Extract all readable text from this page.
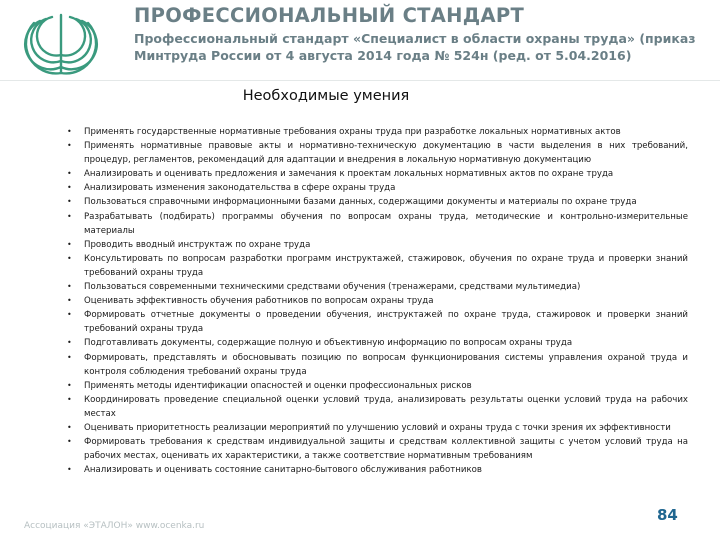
ПРОФЕССИОНАЛЬНЫЙ СТАНДАРТ
Профессиональный стандарт «Специалист в области охраны труда» (приказ Минтруда России от 4 августа 2014 года № 524н (ред. от 5.04.2016)
Необходимые умения
• Применять государственные нормативные требования охраны труда при разработке локальных нормативных актов
• Применять нормативные правовые акты и нормативно-техническую документацию в части выделения в них требований, процедур, регламентов, рекомендаций для адаптации и внедрения в локальную нормативную документацию
• Анализировать и оценивать предложения и замечания к проектам локальных нормативных актов по охране труда
• Анализировать изменения законодательства в сфере охраны труда
• Пользоваться справочными информационными базами данных, содержащими документы и материалы по охране труда
• Разрабатывать (подбирать) программы обучения по вопросам охраны труда, методические и контрольно-измерительные материалы
• Проводить вводный инструктаж по охране труда
• Консультировать по вопросам разработки программ инструктажей, стажировок, обучения по охране труда и проверки знаний требований охраны труда
• Пользоваться современными техническими средствами обучения (тренажерами, средствами мультимедиа)
• Оценивать эффективность обучения работников по вопросам охраны труда
• Формировать отчетные документы о проведении обучения, инструктажей по охране труда, стажировок и проверки знаний требований охраны труда
• Подготавливать документы, содержащие полную и объективную информацию по вопросам охраны труда
• Формировать, представлять и обосновывать позицию по вопросам функционирования системы управления охраной труда и контроля соблюдения требований охраны труда
• Применять методы идентификации опасностей и оценки профессиональных рисков
• Координировать проведение специальной оценки условий труда, анализировать результаты оценки условий труда на рабочих местах
• Оценивать приоритетность реализации мероприятий по улучшению условий и охраны труда с точки зрения их эффективности
• Формировать требования к средствам индивидуальной защиты и средствам коллективной защиты с учетом условий труда на рабочих местах, оценивать их характеристики, а также соответствие нормативным требованиям
• Анализировать и оценивать состояние санитарно-бытового обслуживания работников
Ассоциация «ЭТАЛОН» www.ocenka.ru
84
